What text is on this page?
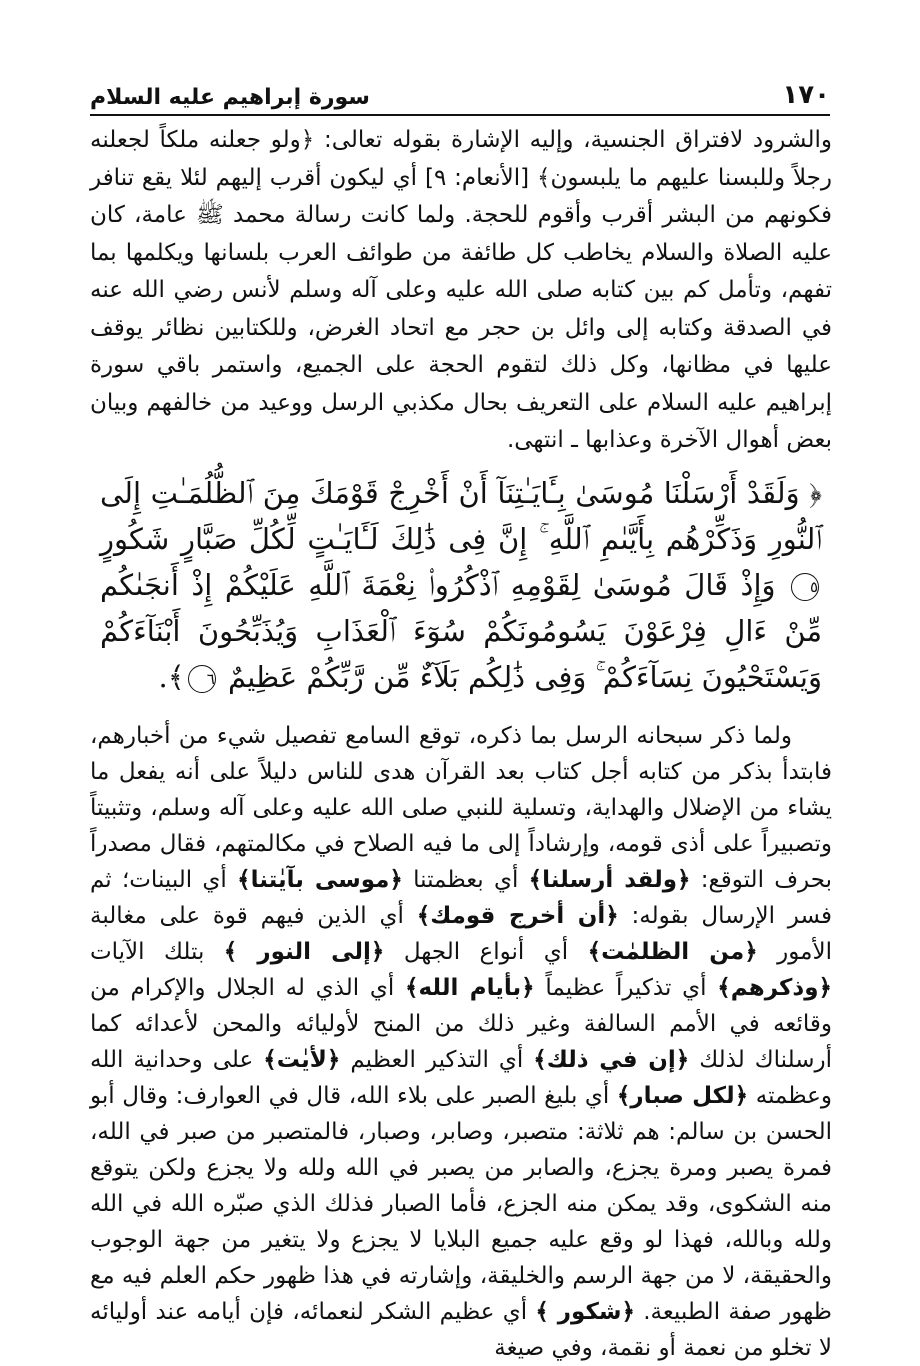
١٧٠
سورة إبراهيم عليه السلام

والشرود لافتراق الجنسية، وإليه الإشارة بقوله تعالى: ﴿ولو جعلنه ملكاً لجعلنه رجلاً وللبسنا عليهم ما يلبسون﴾ [الأنعام: ٩] أي ليكون أقرب إليهم لئلا يقع تنافر فكونهم من البشر أقرب وأقوم للحجة. ولما كانت رسالة محمد ﷺ عامة، كان عليه الصلاة والسلام يخاطب كل طائفة من طوائف العرب بلسانها ويكلمها بما تفهم، وتأمل كم بين كتابه صلى الله عليه وعلى آله وسلم لأنس رضي الله عنه في الصدقة وكتابه إلى وائل بن حجر مع اتحاد الغرض، وللكتابين نظائر يوقف عليها في مظانها، وكل ذلك لتقوم الحجة على الجميع، واستمر باقي سورة إبراهيم عليه السلام على التعريف بحال مكذبي الرسل ووعيد من خالفهم وبيان بعض أهوال الآخرة وعذابها ـ انتهى.

﴿ وَلَقَدْ أَرْسَلْنَا مُوسَىٰ بِـَٔايَـٰتِنَآ أَنْ أَخْرِجْ قَوْمَكَ مِنَ ٱلظُّلُمَـٰتِ إِلَى ٱلنُّورِ وَذَكِّرْهُم بِأَيَّىٰمِ ٱللَّهِ ۚ إِنَّ فِى ذَٰلِكَ لَـَٔايَـٰتٍ لِّكُلِّ صَبَّارٍ شَكُورٍ ٥ وَإِذْ قَالَ مُوسَىٰ لِقَوْمِهِ ٱذْكُرُوا۟ نِعْمَةَ ٱللَّهِ عَلَيْكُمْ إِذْ أَنجَىٰكُم مِّنْ ءَالِ فِرْعَوْنَ يَسُومُونَكُمْ سُوٓءَ ٱلْعَذَابِ وَيُذَبِّحُونَ أَبْنَآءَكُمْ وَيَسْتَحْيُونَ نِسَآءَكُمْ ۚ وَفِى ذَٰلِكُم بَلَآءٌ مِّن رَّبِّكُمْ عَظِيمٌ ٦﴾.

ولما ذكر سبحانه الرسل بما ذكره، توقع السامع تفصيل شيء من أخبارهم، فابتدأ بذكر من كتابه أجل كتاب بعد القرآن هدى للناس دليلاً على أنه يفعل ما يشاء من الإضلال والهداية، وتسلية للنبي صلى الله عليه وعلى آله وسلم، وتثبيتاً وتصبيراً على أذى قومه، وإرشاداً إلى ما فيه الصلاح في مكالمتهم، فقال مصدراً بحرف التوقع: ﴿ولقد أرسلنا﴾ أي بعظمتنا ﴿موسى بآيٰتنا﴾ أي البينات؛ ثم فسر الإرسال بقوله: ﴿أن أخرج قومك﴾ أي الذين فيهم قوة على مغالبة الأمور ﴿من الظلمٰت﴾ أي أنواع الجهل ﴿إلى النور ﴾ بتلك الآيات ﴿وذكرهم﴾ أي تذكيراً عظيماً ﴿بأيام الله﴾ أي الذي له الجلال والإكرام من وقائعه في الأمم السالفة وغير ذلك من المنح لأوليائه والمحن لأعدائه كما أرسلناك لذلك ﴿إن في ذلك﴾ أي التذكير العظيم ﴿لأيٰت﴾ على وحدانية الله وعظمته ﴿لكل صبار﴾ أي بليغ الصبر على بلاء الله، قال في العوارف: وقال أبو الحسن بن سالم: هم ثلاثة: متصبر، وصابر، وصبار، فالمتصبر من صبر في الله، فمرة يصبر ومرة يجزع، والصابر من يصبر في الله ولله ولا يجزع ولكن يتوقع منه الشكوى، وقد يمكن منه الجزع، فأما الصبار فذلك الذي صبّره الله في الله ولله وبالله، فهذا لو وقع عليه جميع البلايا لا يجزع ولا يتغير من جهة الوجوب والحقيقة، لا من جهة الرسم والخليقة، وإشارته في هذا ظهور حكم العلم فيه مع ظهور صفة الطبيعة. ﴿شكور ﴾ أي عظيم الشكر لنعمائه، فإن أيامه عند أوليائه لا تخلو من نعمة أو نقمة، وفي صيغة
